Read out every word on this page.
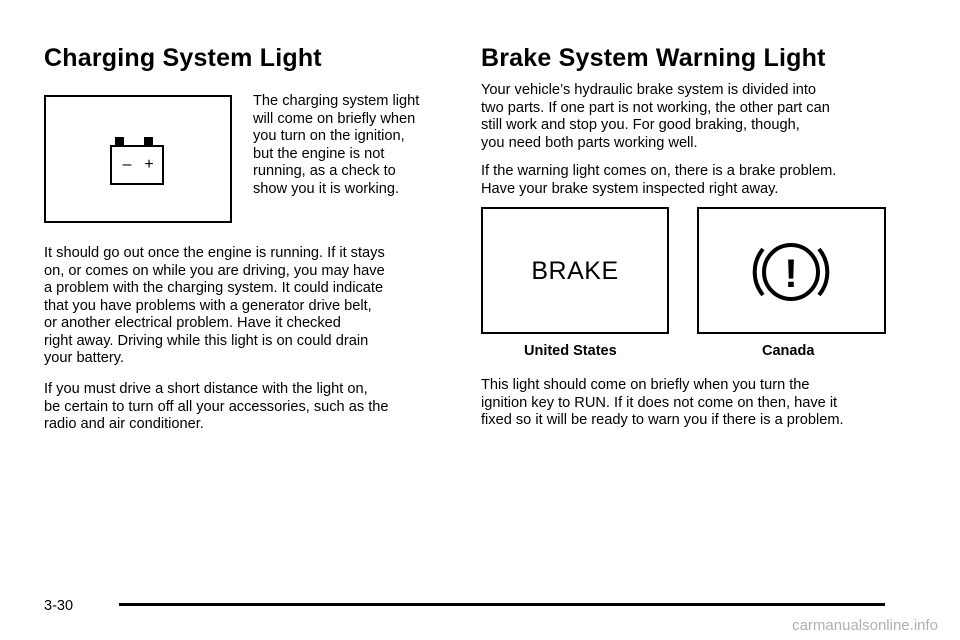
Charging System Light
– +

The charging system light
will come on briefly when
you turn on the ignition,
but the engine is not
running, as a check to
show you it is working.

It should go out once the engine is running. If it stays
on, or comes on while you are driving, you may have
a problem with the charging system. It could indicate
that you have problems with a generator drive belt,
or another electrical problem. Have it checked
right away. Driving while this light is on could drain
your battery.

If you must drive a short distance with the light on,
be certain to turn off all your accessories, such as the
radio and air conditioner.

Brake System Warning Light

Your vehicle’s hydraulic brake system is divided into
two parts. If one part is not working, the other part can
still work and stop you. For good braking, though,
you need both parts working well.

If the warning light comes on, there is a brake problem.
Have your brake system inspected right away.

BRAKE
United States
!
Canada

This light should come on briefly when you turn the
ignition key to RUN. If it does not come on then, have it
fixed so it will be ready to warn you if there is a problem.

3-30
carmanualsonline.info
